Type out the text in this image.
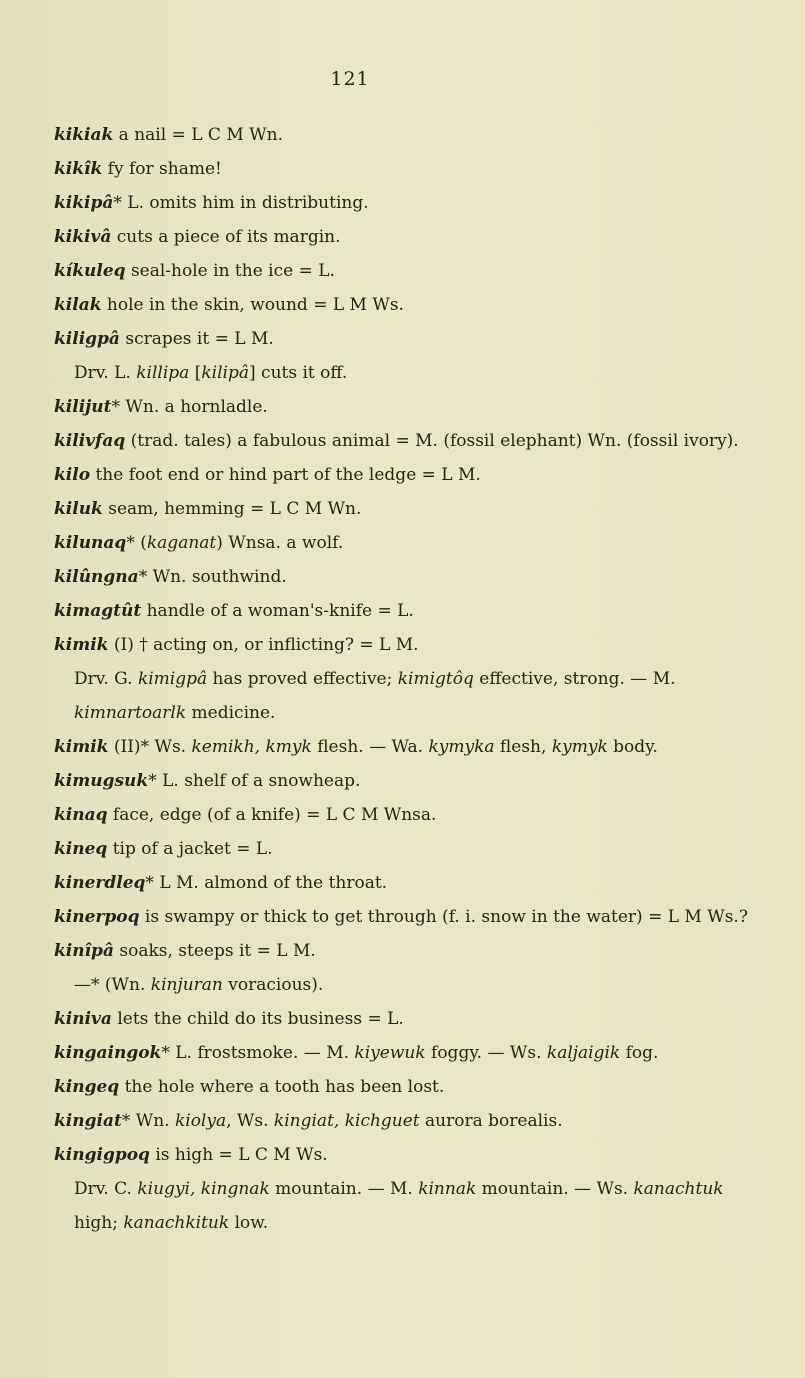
121
kikiak a nail = L C M Wn.
kikîk fy for shame!
kikipâ* L. omits him in distributing.
kikivâ cuts a piece of its margin.
kíkuleq seal-hole in the ice = L.
kilak hole in the skin, wound = L M Ws.
kiligpâ scrapes it = L M.
Drv. L. killipa [kilipâ] cuts it off.
kilijut* Wn. a hornladle.
kilivfaq (trad. tales) a fabulous animal = M. (fossil elephant) Wn. (fossil ivory).
kilo the foot end or hind part of the ledge = L M.
kiluk seam, hemming = L C M Wn.
kilunaq* (kaganat) Wnsa. a wolf.
kilûngna* Wn. southwind.
kimagtût handle of a woman's-knife = L.
kimik (I) † acting on, or inflicting? = L M.
Drv. G. kimigpâ has proved effective; kimigtôq effective, strong. — M. kimnartoarlk medicine.
kimik (II)* Ws. kemikh, kmyk flesh. — Wa. kymyka flesh, kymyk body.
kimugsuk* L. shelf of a snowheap.
kinaq face, edge (of a knife) = L C M Wnsa.
kineq tip of a jacket = L.
kinerdleq* L M. almond of the throat.
kinerpoq is swampy or thick to get through (f. i. snow in the water) = L M Ws.?
kinîpâ soaks, steeps it = L M.
—* (Wn. kinjuran voracious).
kiniva lets the child do its business = L.
kingaingok* L. frostsmoke. — M. kiyewuk foggy. — Ws. kaljaigik fog.
kingeq the hole where a tooth has been lost.
kingiat* Wn. kiolya, Ws. kingiat, kichguet aurora borealis.
kingigpoq is high = L C M Ws.
Drv. C. kiugyi, kingnak mountain. — M. kinnak mountain. — Ws. kanachtuk high; kanachkituk low.
